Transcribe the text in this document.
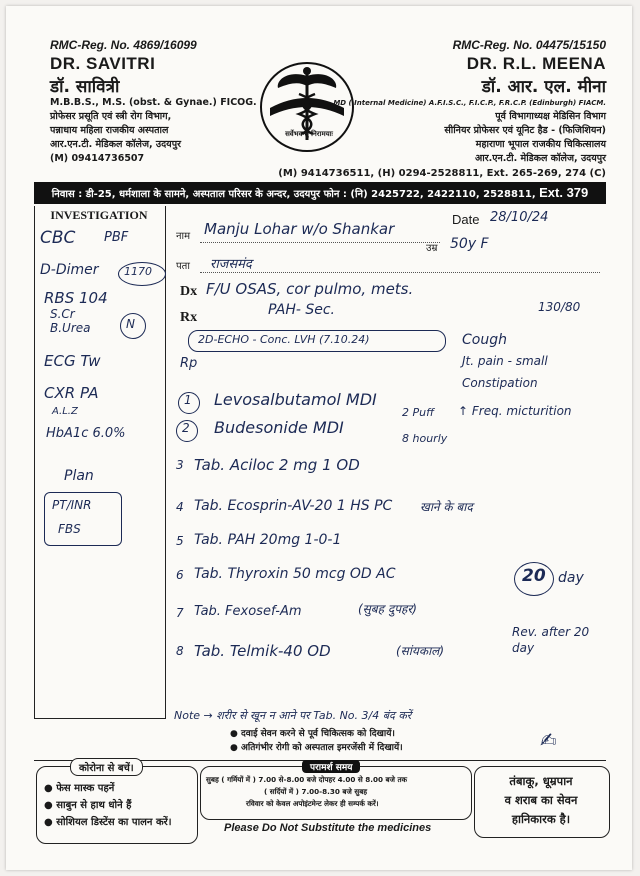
RMC-Reg. No. 4869/16099
DR. SAVITRI
डॉ. सावित्री
M.B.B.S., M.S. (obst. & Gynae.) FICOG.
प्रोफेसर प्रसूति एवं स्त्री रोग विभाग,
पन्नाधाय महिला राजकीय अस्पताल
आर.एन.टी. मेडिकल कॉलेज, उदयपुर
(M) 09414736507
सर्वेभवन्तु निरामयाः
RMC-Reg. No. 04475/15150
DR. R.L. MEENA
डॉ. आर. एल. मीना
MD ( Internal Medicine) A.F.I.S.C., F.I.C.P., F.R.C.P. (Edinburgh) FIACM.
पूर्व विभागाध्यक्ष मेडिसिन विभाग
सीनियर प्रोफेसर एवं यूनिट हैड - (फिजिशियन)
महाराणा भूपाल राजकीय चिकित्सालय
आर.एन.टी. मेडिकल कॉलेज, उदयपुर
(M) 9414736511, (H) 0294-2528811, Ext. 265-269, 274 (C)
निवास : डी-25, धर्मशाला के सामने, अस्पताल परिसर के अन्दर, उदयपुर फोन : (नि) 2425722, 2422110, 2528811, Ext. 379
INVESTIGATION
CBC PBF
D-Dimer 1170
RBS 104
S.Cr
B.Urea	N
ECG Tw
CXR PA
A.L.Z
HbA1c 6.0%
Plan
PT/INR
FBS
नाम Manju Lohar w/o Shankar
Date 28/10/24
उम्र 50y F
पता राजसमंद
Dx F/U OSAS, cor pulmo, mets.
PAH- Sec.	130/80
Rx
2D-ECHO - Conc. LVH (7.10.24)	Cough
Jt. pain - small
Constipation
↑ Freq. micturition
Rp
1 Levosalbutamol MDI
2 Puff
2 Budesonide MDI
8 hourly
3 Tab. Aciloc 2 mg 1 OD
4 Tab. Ecosprin-AV-20 1 HS PC खाने के बाद
5 Tab. PAH 20mg 1-0-1
6 Tab. Thyroxin 50 mcg OD AC
7 Tab. Fexosef-Am	(सुबह दुपहर)
8 Tab. Telmik-40 OD	(सांयकाल)
20 day
Rev. after 20 day
Note → शरीर से खून न आने पर Tab. No. 3/4 बंद करें
● दवाई सेवन करने से पूर्व चिकित्सक को दिखायें।
● अतिगंभीर रोगी को अस्पताल इमरजेंसी में दिखायें।	✍
कोरोना से बचें।
● फेस मास्क पहनें
● साबुन से हाथ धोने हैं
● सोशियल डिस्टेंस का पालन करें।
परामर्श समय
सुबह ( गर्मियों में ) 7.00 से-8.00 बजे दोपहर 4.00 से 8.00 बजे तक
( सर्दियों में ) 7.00-8.30 बजे सुबह
रविवार को केवल अपोइंटमेन्ट लेकर ही सम्पर्क करें।
Please Do Not Substitute the medicines
तंबाकू, धूम्रपान
व शराब का सेवन
हानिकारक है।
